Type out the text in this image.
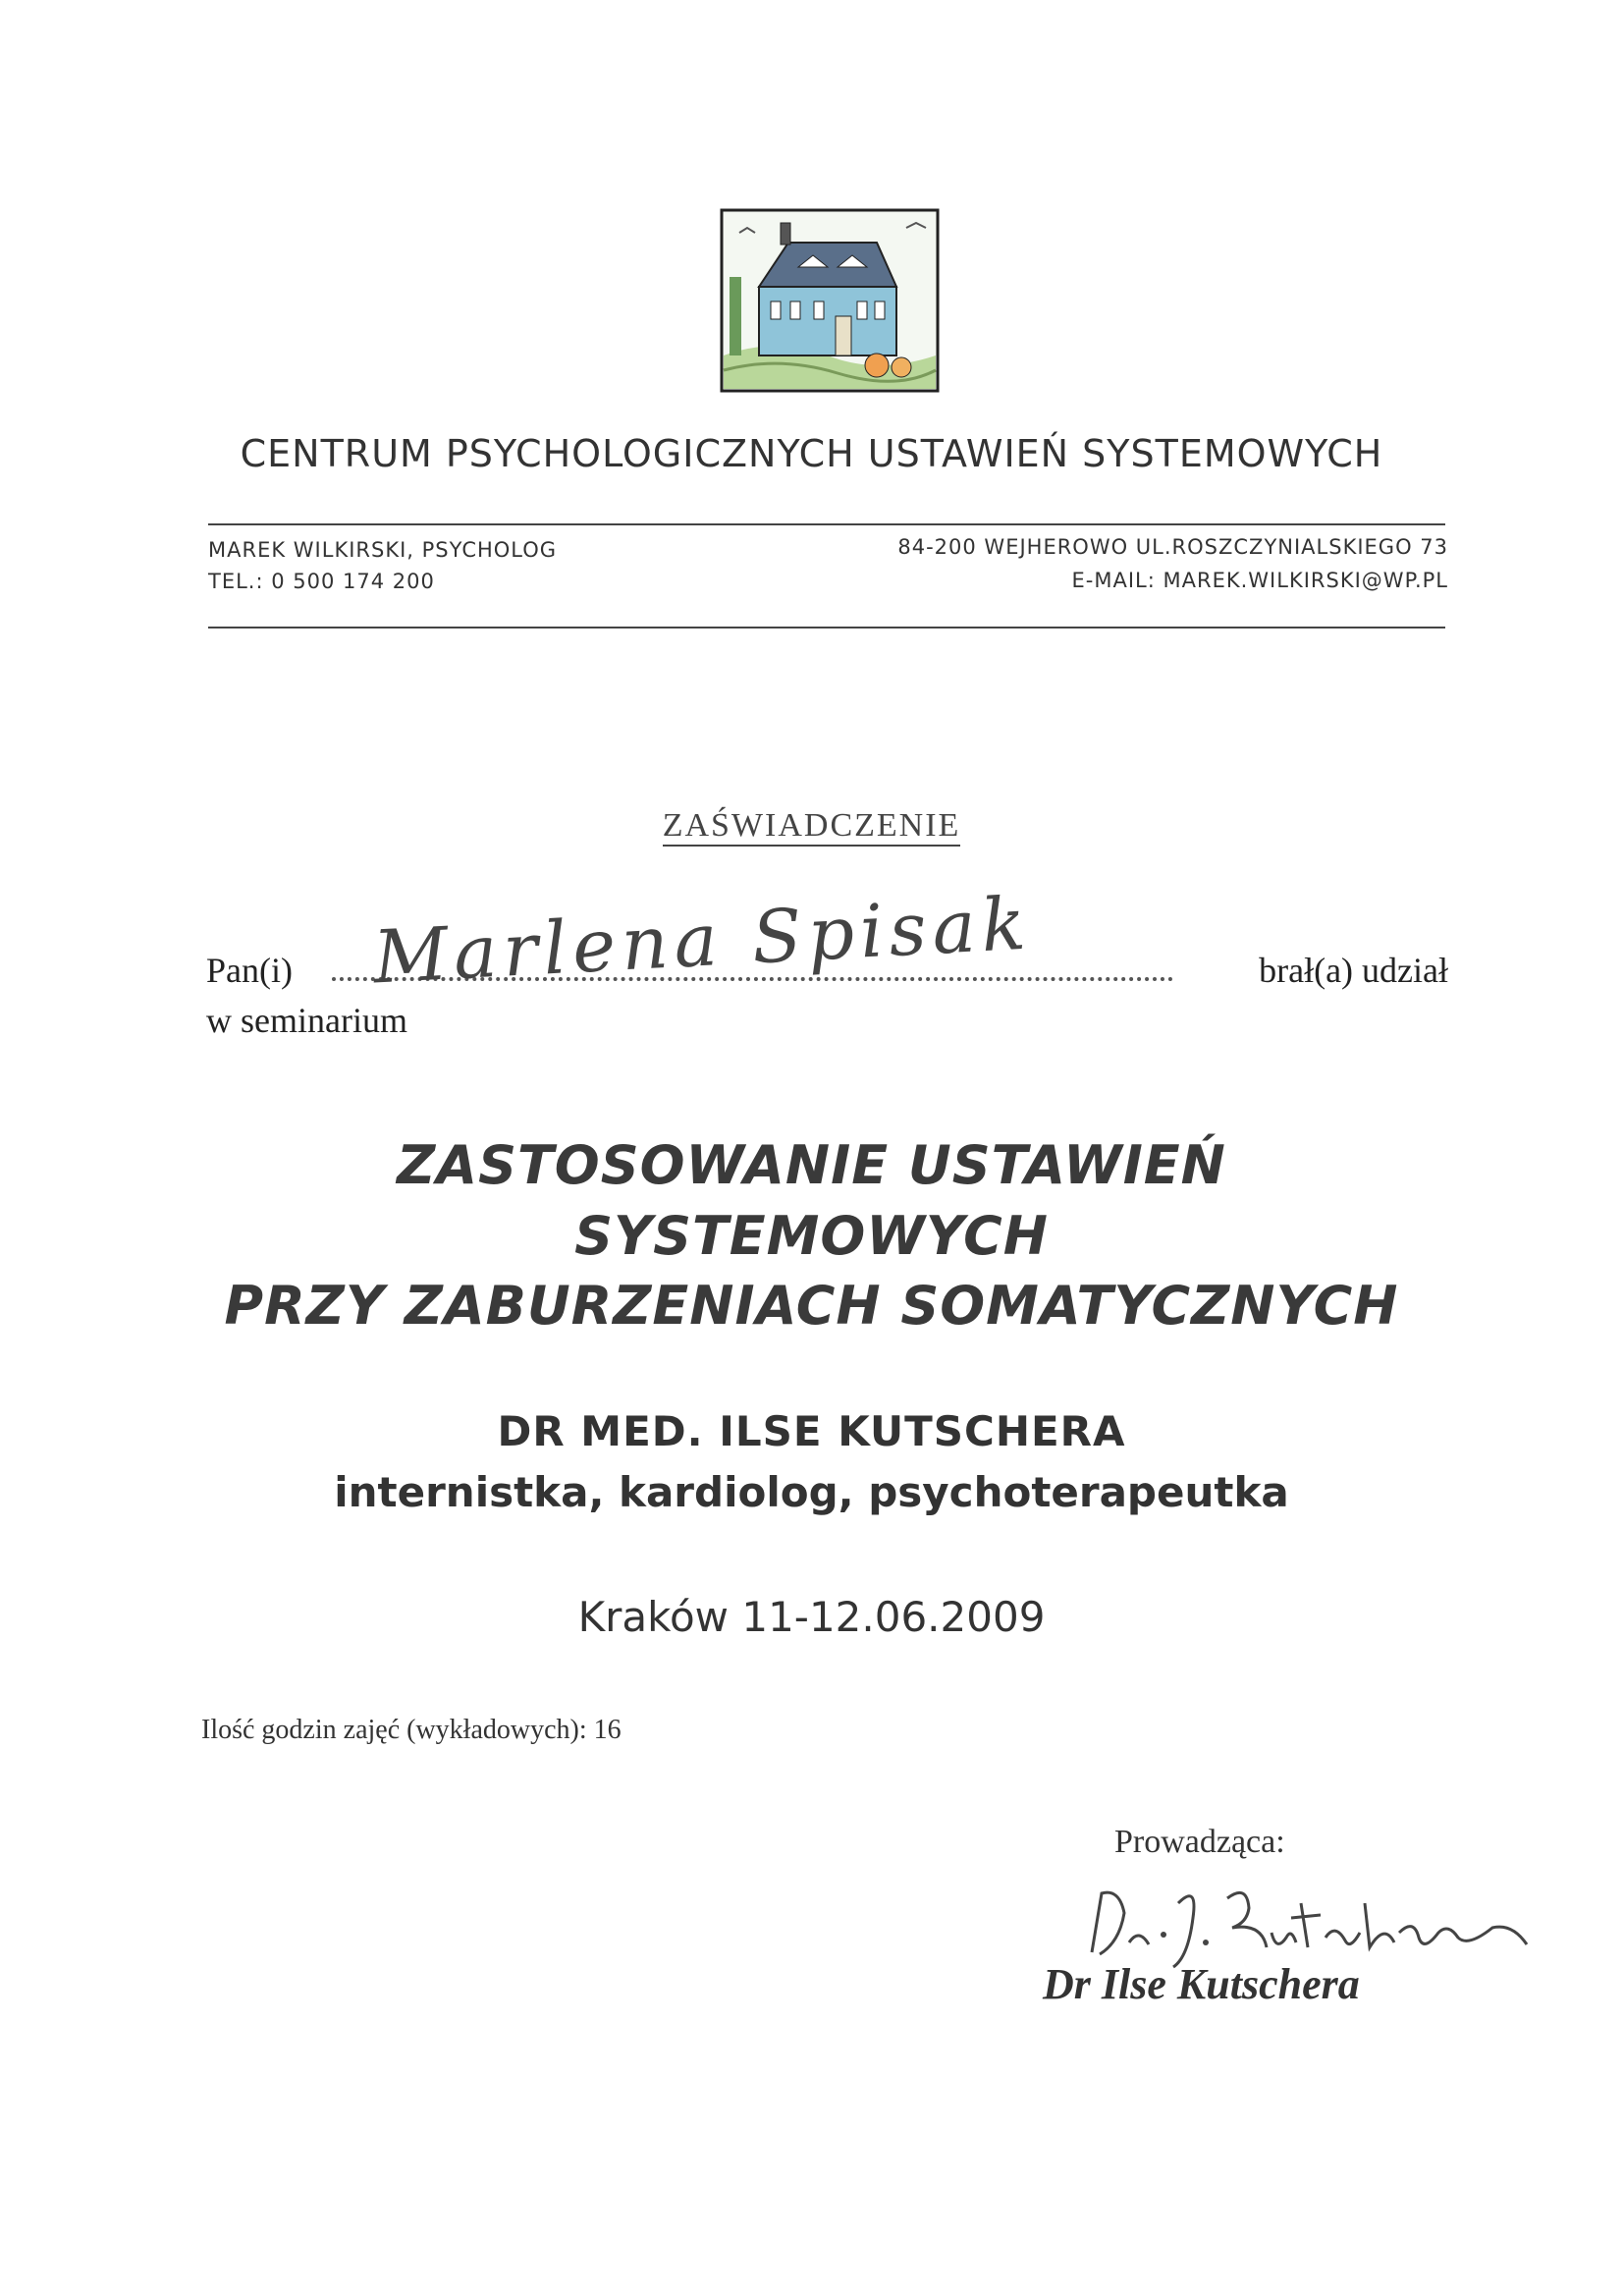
CENTRUM PSYCHOLOGICZNYCH USTAWIEŃ SYSTEMOWYCH
MAREK WILKIRSKI, PSYCHOLOG
TEL.: 0 500 174 200
84-200 WEJHEROWO UL.ROSZCZYNIALSKIEGO 73
E-MAIL: MAREK.WILKIRSKI@WP.PL
ZAŚWIADCZENIE
Pan(i)	brał(a) udział
Marlena Spisak
w seminarium
ZASTOSOWANIE USTAWIEŃ
SYSTEMOWYCH
PRZY ZABURZENIACH SOMATYCZNYCH
DR MED. ILSE KUTSCHERA
internistka, kardiolog, psychoterapeutka
Kraków 11-12.06.2009
Ilość godzin zajęć (wykładowych): 16
Prowadząca:
Dr Ilse Kutschera
